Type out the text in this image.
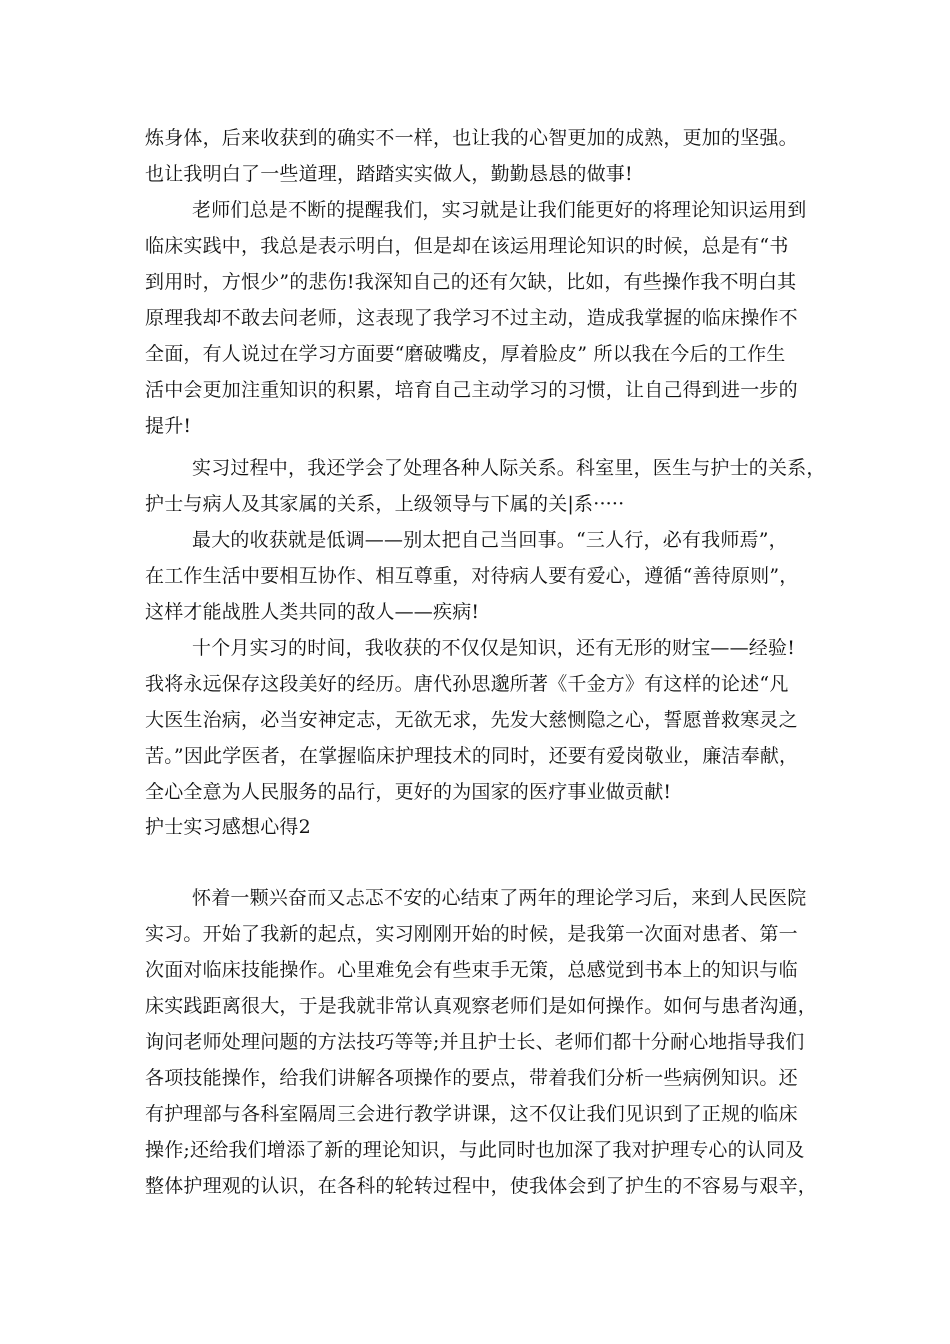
炼身体，后来收获到的确实不一样，也让我的心智更加的成熟，更加的坚强。
也让我明白了一些道理，踏踏实实做人，勤勤恳恳的做事!
老师们总是不断的提醒我们，实习就是让我们能更好的将理论知识运用到
临床实践中，我总是表示明白，但是却在该运用理论知识的时候，总是有“书
到用时，方恨少”的悲伤!我深知自己的还有欠缺，比如，有些操作我不明白其
原理我却不敢去问老师，这表现了我学习不过主动，造成我掌握的临床操作不
全面，有人说过在学习方面要“磨破嘴皮，厚着脸皮” 所以我在今后的工作生
活中会更加注重知识的积累，培育自己主动学习的习惯，让自己得到进一步的
提升!
实习过程中，我还学会了处理各种人际关系。科室里，医生与护士的关系，
护士与病人及其家属的关系，上级领导与下属的关|系·····
最大的收获就是低调——别太把自己当回事。“三人行，必有我师焉”，
在工作生活中要相互协作、相互尊重，对待病人要有爱心，遵循“善待原则”，
这样才能战胜人类共同的敌人——疾病!
十个月实习的时间，我收获的不仅仅是知识，还有无形的财宝——经验!
我将永远保存这段美好的经历。唐代孙思邈所著《千金方》有这样的论述“凡
大医生治病，必当安神定志，无欲无求，先发大慈恻隐之心，誓愿普救寒灵之
苦。”因此学医者，在掌握临床护理技术的同时，还要有爱岗敬业，廉洁奉献，
全心全意为人民服务的品行，更好的为国家的医疗事业做贡献!
护士实习感想心得2
怀着一颗兴奋而又忐忑不安的心结束了两年的理论学习后，来到人民医院
实习。开始了我新的起点，实习刚刚开始的时候，是我第一次面对患者、第一
次面对临床技能操作。心里难免会有些束手无策，总感觉到书本上的知识与临
床实践距离很大，于是我就非常认真观察老师们是如何操作。如何与患者沟通，
询问老师处理问题的方法技巧等等;并且护士长、老师们都十分耐心地指导我们
各项技能操作，给我们讲解各项操作的要点，带着我们分析一些病例知识。还
有护理部与各科室隔周三会进行教学讲课，这不仅让我们见识到了正规的临床
操作;还给我们增添了新的理论知识，与此同时也加深了我对护理专心的认同及
整体护理观的认识，在各科的轮转过程中，使我体会到了护生的不容易与艰辛，
